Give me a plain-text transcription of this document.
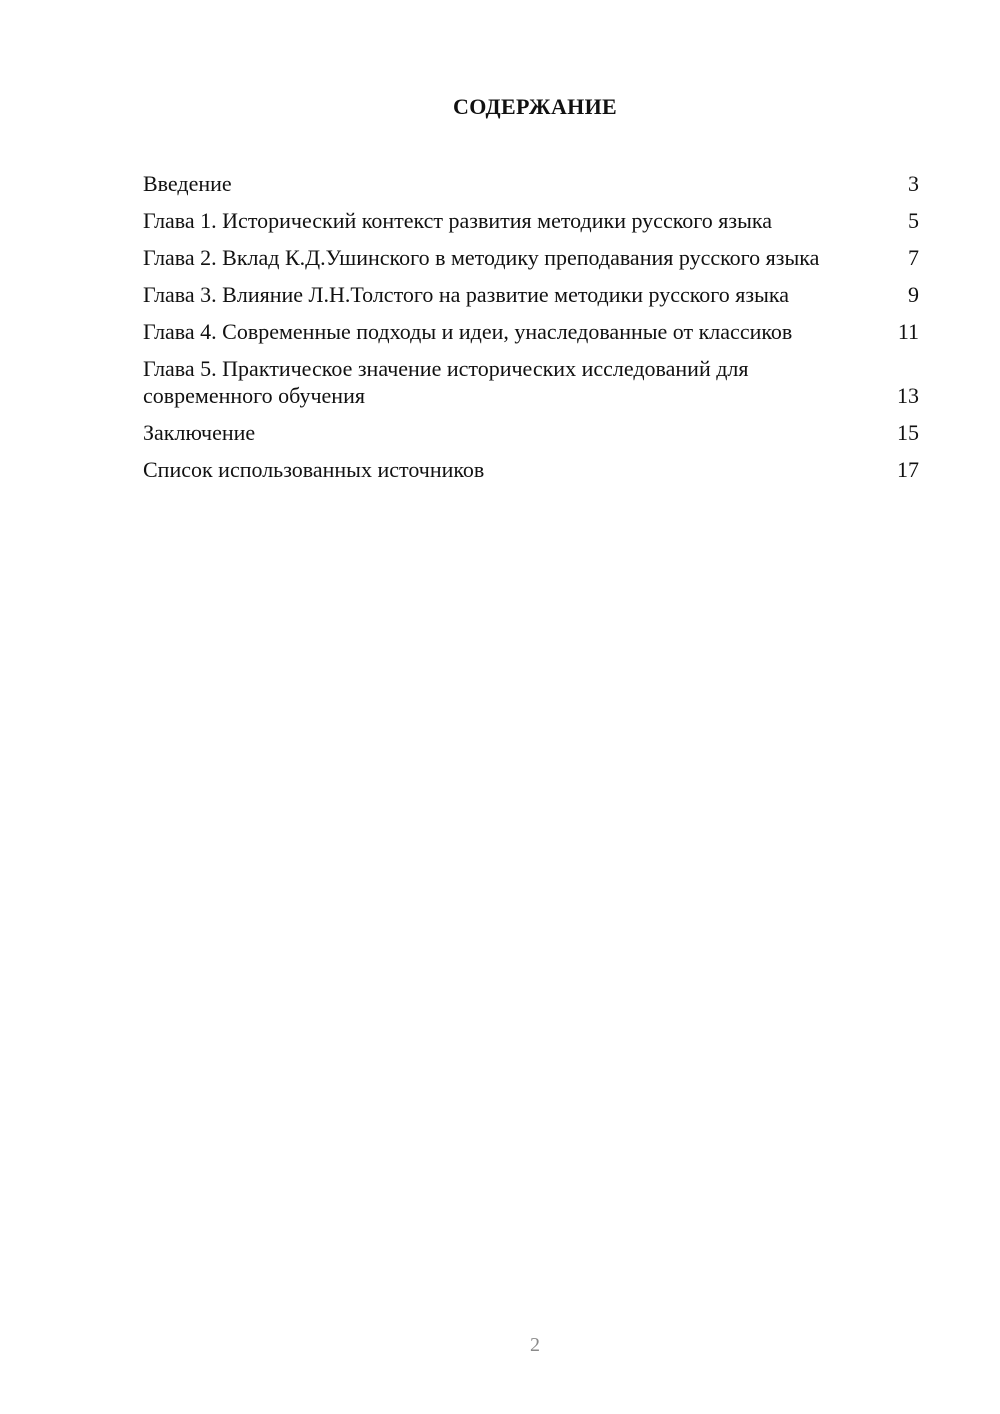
СОДЕРЖАНИЕ
Введение	3
Глава 1. Исторический контекст развития методики русского языка	5
Глава 2. Вклад К.Д.Ушинского в методику преподавания русского языка	7
Глава 3. Влияние Л.Н.Толстого на развитие методики русского языка	9
Глава 4. Современные подходы и идеи, унаследованные от классиков	11
Глава 5. Практическое значение исторических исследований для современного обучения	13
Заключение	15
Список использованных источников	17
2
